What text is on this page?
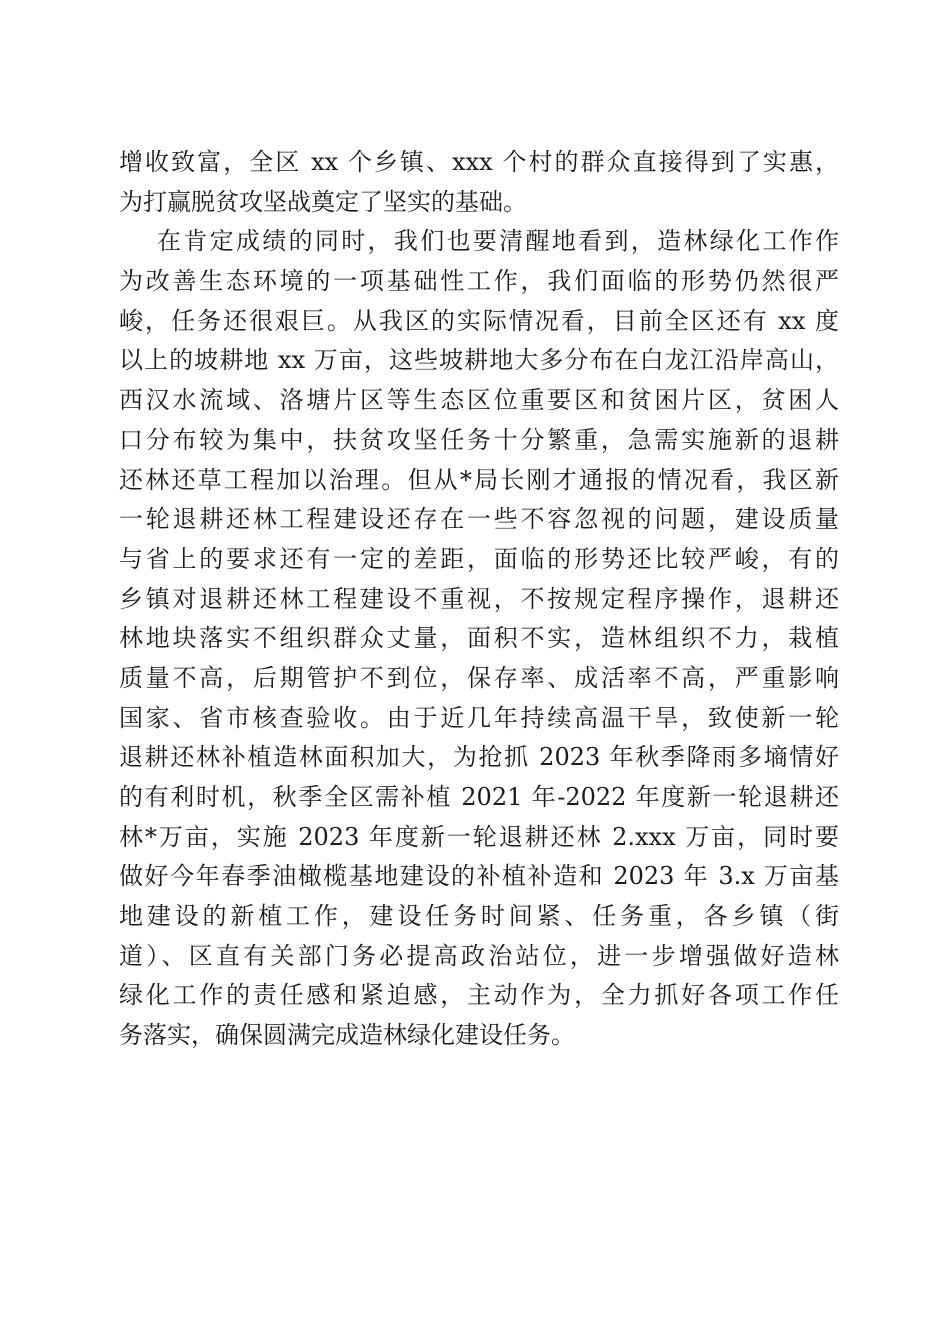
增收致富，全区 xx 个乡镇、xxx 个村的群众直接得到了实惠，
为打赢脱贫攻坚战奠定了坚实的基础。
在肯定成绩的同时，我们也要清醒地看到，造林绿化工作作
为改善生态环境的一项基础性工作，我们面临的形势仍然很严
峻，任务还很艰巨。从我区的实际情况看，目前全区还有 xx 度
以上的坡耕地 xx 万亩，这些坡耕地大多分布在白龙江沿岸高山，
西汉水流域、洛塘片区等生态区位重要区和贫困片区，贫困人
口分布较为集中，扶贫攻坚任务十分繁重，急需实施新的退耕
还林还草工程加以治理。但从*局长刚才通报的情况看，我区新
一轮退耕还林工程建设还存在一些不容忽视的问题，建设质量
与省上的要求还有一定的差距，面临的形势还比较严峻，有的
乡镇对退耕还林工程建设不重视，不按规定程序操作，退耕还
林地块落实不组织群众丈量，面积不实，造林组织不力，栽植
质量不高，后期管护不到位，保存率、成活率不高，严重影响
国家、省市核查验收。由于近几年持续高温干旱，致使新一轮
退耕还林补植造林面积加大，为抢抓 2023 年秋季降雨多墒情好
的有利时机，秋季全区需补植 2021 年-2022 年度新一轮退耕还
林*万亩，实施 2023 年度新一轮退耕还林 2.xxx 万亩，同时要
做好今年春季油橄榄基地建设的补植补造和 2023 年 3.x 万亩基
地建设的新植工作，建设任务时间紧、任务重，各乡镇（街
道）、区直有关部门务必提高政治站位，进一步增强做好造林
绿化工作的责任感和紧迫感，主动作为，全力抓好各项工作任
务落实，确保圆满完成造林绿化建设任务。
